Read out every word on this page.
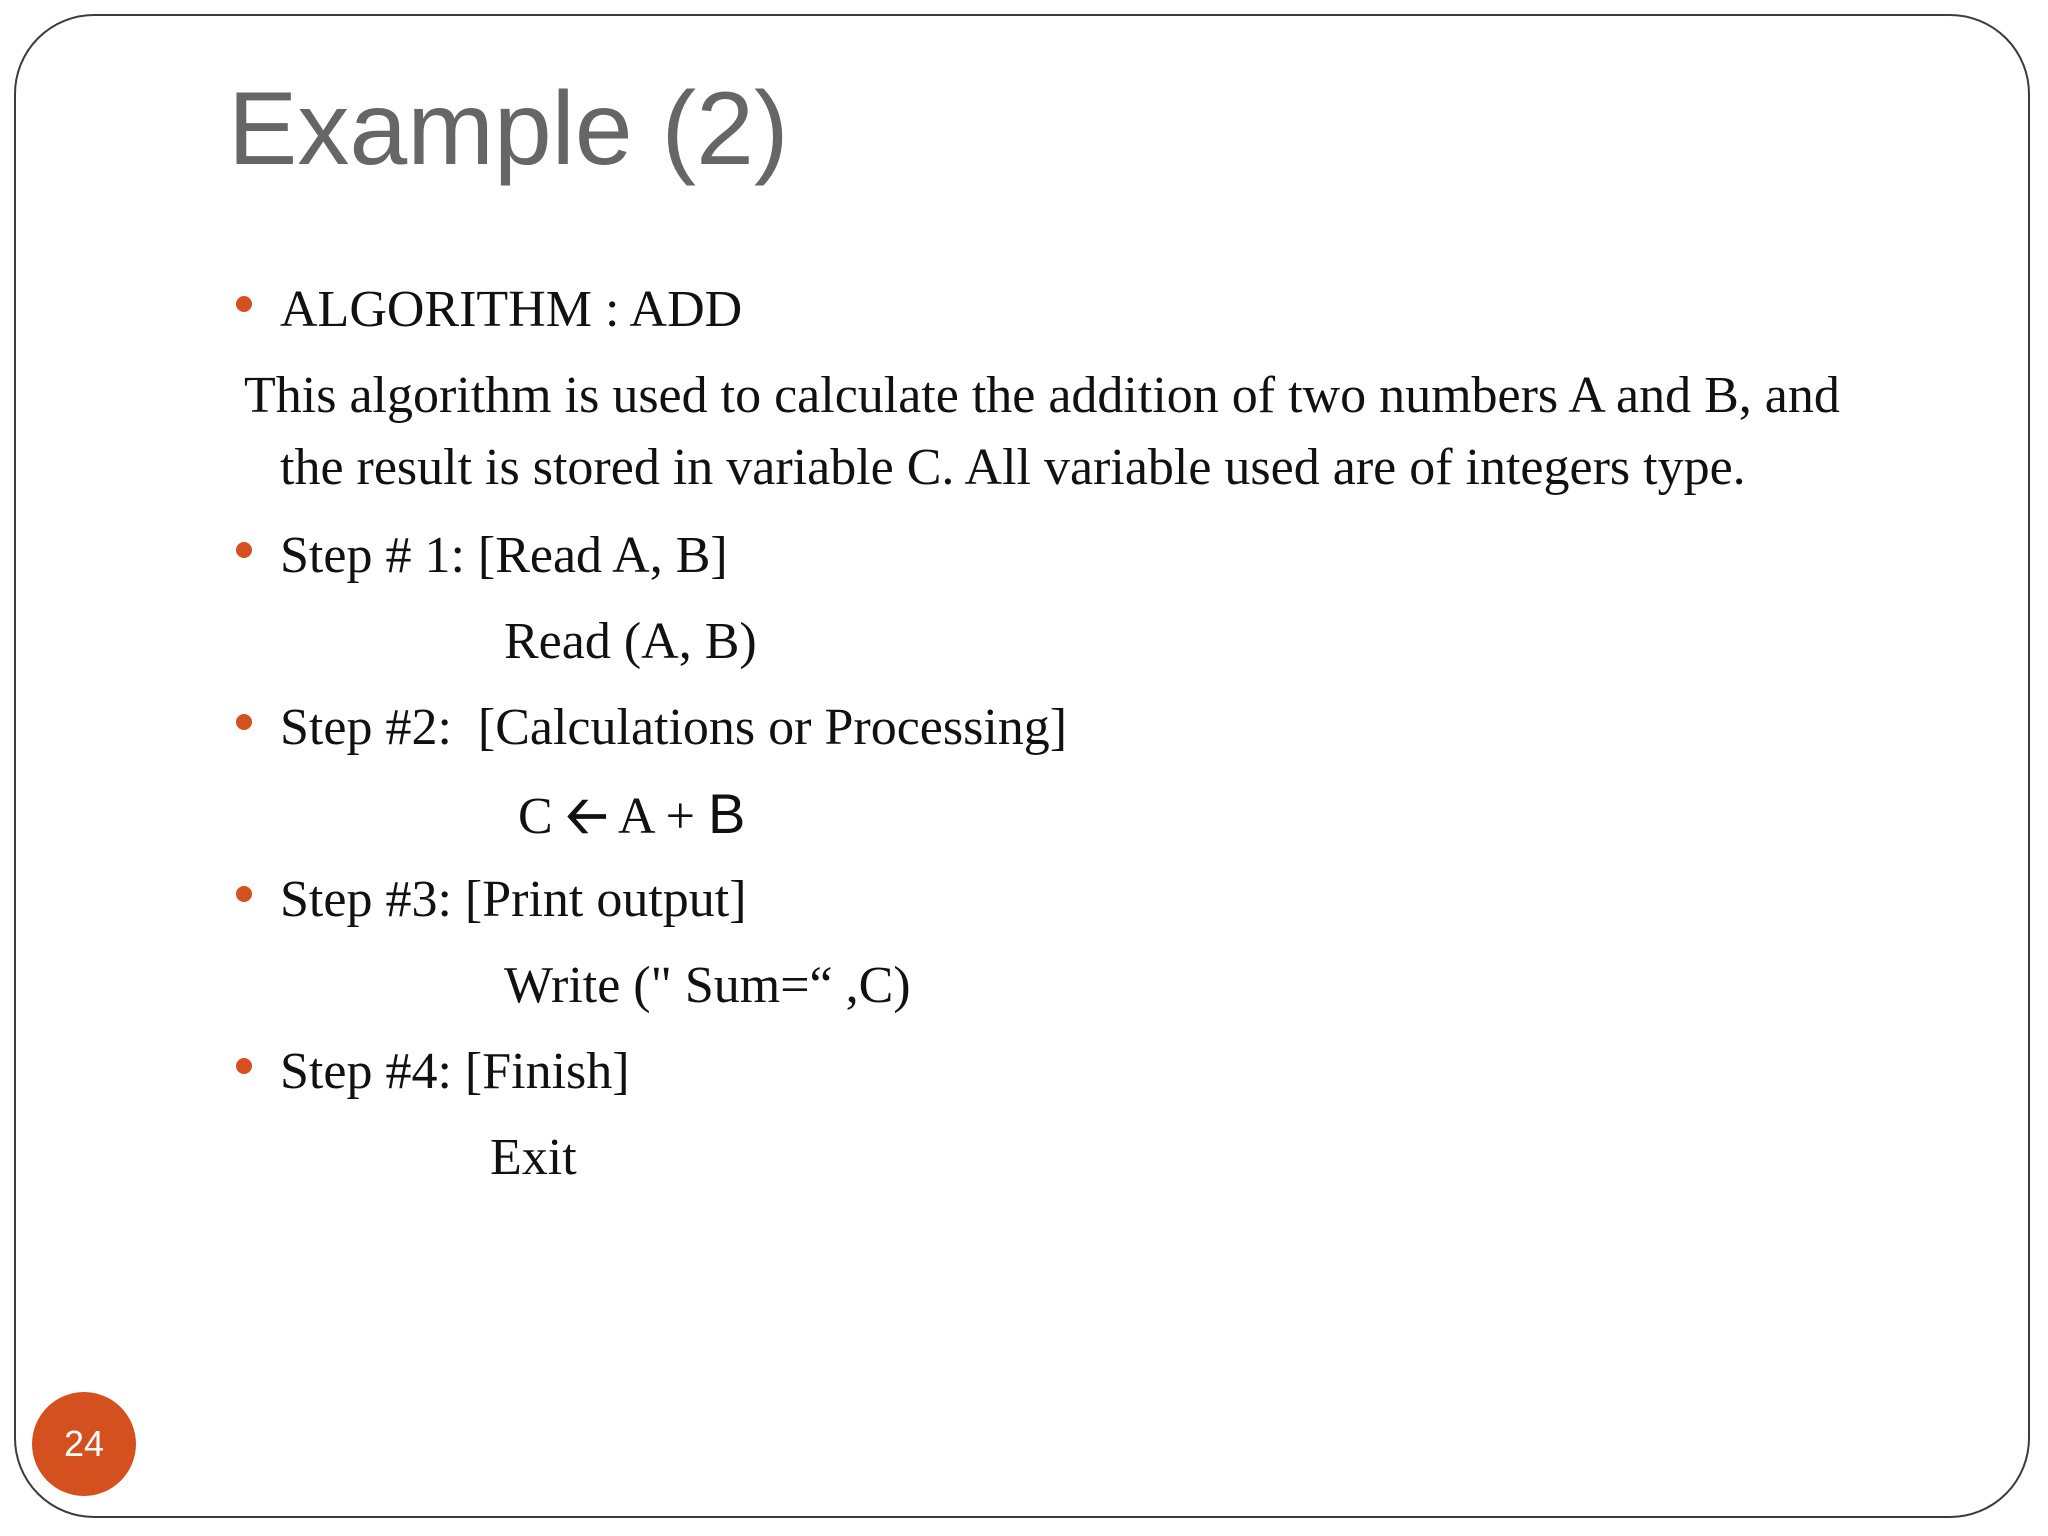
Example (2)
ALGORITHM : ADD
This algorithm is used to calculate the addition of two numbers A and B, and
the result is stored in variable C. All variable used are of integers type.
Step # 1: [Read A, B]
Read (A, B)
Step #2:  [Calculations or Processing]
C 🡠 A + B
Step #3: [Print output]
Write (" Sum=“ ,C)
Step #4: [Finish]
Exit
24
